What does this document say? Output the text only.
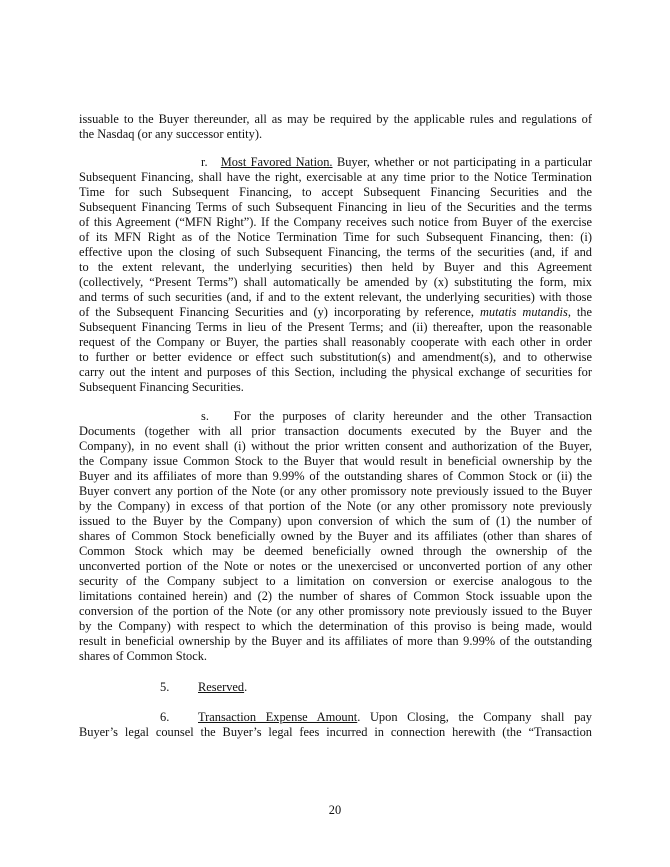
issuable to the Buyer thereunder, all as may be required by the applicable rules and regulations of
the Nasdaq (or any successor entity).
r. Most Favored Nation. Buyer, whether or not participating in a particular
Subsequent Financing, shall have the right, exercisable at any time prior to the Notice Termination
Time for such Subsequent Financing, to accept Subsequent Financing Securities and the
Subsequent Financing Terms of such Subsequent Financing in lieu of the Securities and the terms
of this Agreement (“MFN Right”). If the Company receives such notice from Buyer of the exercise
of its MFN Right as of the Notice Termination Time for such Subsequent Financing, then: (i)
effective upon the closing of such Subsequent Financing, the terms of the securities (and, if and
to the extent relevant, the underlying securities) then held by Buyer and this Agreement
(collectively, “Present Terms”) shall automatically be amended by (x) substituting the form, mix
and terms of such securities (and, if and to the extent relevant, the underlying securities) with those
of the Subsequent Financing Securities and (y) incorporating by reference, mutatis mutandis, the
Subsequent Financing Terms in lieu of the Present Terms; and (ii) thereafter, upon the reasonable
request of the Company or Buyer, the parties shall reasonably cooperate with each other in order
to further or better evidence or effect such substitution(s) and amendment(s), and to otherwise
carry out the intent and purposes of this Section, including the physical exchange of securities for
Subsequent Financing Securities.
s. For the purposes of clarity hereunder and the other Transaction
Documents (together with all prior transaction documents executed by the Buyer and the
Company), in no event shall (i) without the prior written consent and authorization of the Buyer,
the Company issue Common Stock to the Buyer that would result in beneficial ownership by the
Buyer and its affiliates of more than 9.99% of the outstanding shares of Common Stock or (ii) the
Buyer convert any portion of the Note (or any other promissory note previously issued to the Buyer
by the Company) in excess of that portion of the Note (or any other promissory note previously
issued to the Buyer by the Company) upon conversion of which the sum of (1) the number of
shares of Common Stock beneficially owned by the Buyer and its affiliates (other than shares of
Common Stock which may be deemed beneficially owned through the ownership of the
unconverted portion of the Note or notes or the unexercised or unconverted portion of any other
security of the Company subject to a limitation on conversion or exercise analogous to the
limitations contained herein) and (2) the number of shares of Common Stock issuable upon the
conversion of the portion of the Note (or any other promissory note previously issued to the Buyer
by the Company) with respect to which the determination of this proviso is being made, would
result in beneficial ownership by the Buyer and its affiliates of more than 9.99% of the outstanding
shares of Common Stock.
5. Reserved.
6. Transaction Expense Amount. Upon Closing, the Company shall pay
Buyer’s legal counsel the Buyer’s legal fees incurred in connection herewith (the “Transaction
20
